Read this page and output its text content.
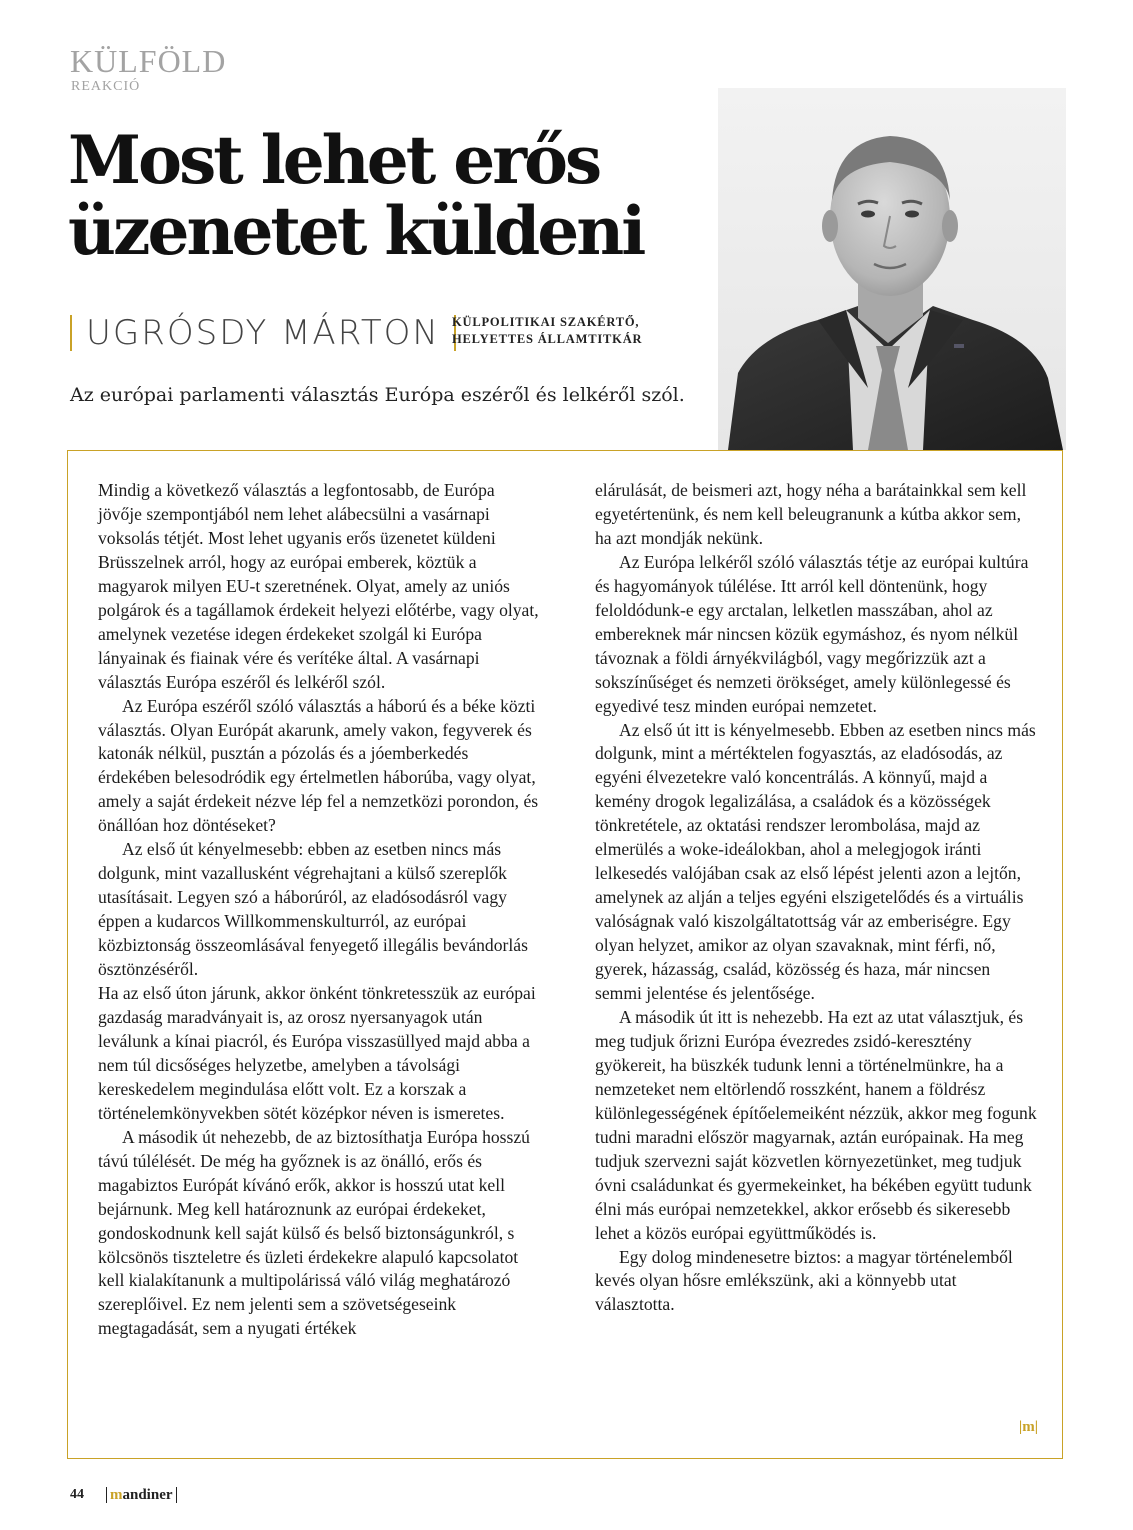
KÜLFÖLD
REAKCIÓ
Most lehet erős
üzenetet küldeni
UGRÓSDY MÁRTON KÜLPOLITIKAI SZAKÉRTŐ,
HELYETTES ÁLLAMTITKÁR
Az európai parlamenti választás Európa eszéről és lelkéről szól.

Mindig a következő választás a legfontosabb, de Európa jövője szempontjából nem lehet alábecsülni a vasárnapi voksolás tétjét. Most lehet ugyanis erős üzenetet küldeni Brüsszelnek arról, hogy az európai emberek, köztük a magyarok milyen EU-t szeretnének. Olyat, amely az uniós polgárok és a tagállamok érdekeit helyezi előtérbe, vagy olyat, amelynek vezetése idegen érdekeket szolgál ki Európa lányainak és fiainak vére és verítéke által. A vasárnapi választás Európa eszéről és lelkéről szól.

Az Európa eszéről szóló választás a háború és a béke közti választás. Olyan Európát akarunk, amely vakon, fegyverek és katonák nélkül, pusztán a pózolás és a jóemberkedés érdekében belesodródik egy értelmetlen háborúba, vagy olyat, amely a saját érdekeit nézve lép fel a nemzetközi porondon, és önállóan hoz döntéseket?

Az első út kényelmesebb: ebben az esetben nincs más dolgunk, mint vazallusként végrehajtani a külső szereplők utasításait. Legyen szó a háborúról, az eladósodásról vagy éppen a kudarcos Willkommenskulturról, az európai közbiztonság összeomlásával fenyegető illegális bevándorlás ösztönzéséről.

Ha az első úton járunk, akkor önként tönkretesszük az európai gazdaság maradványait is, az orosz nyersanyagok után leválunk a kínai piacról, és Európa visszasüllyed majd abba a nem túl dicsőséges helyzetbe, amelyben a távolsági kereskedelem megindulása előtt volt. Ez a korszak a történelemkönyvekben sötét középkor néven is ismeretes.

A második út nehezebb, de az biztosíthatja Európa hosszú távú túlélését. De még ha győznek is az önálló, erős és magabiztos Európát kívánó erők, akkor is hosszú utat kell bejárnunk. Meg kell határoznunk az európai érdekeket, gondoskodnunk kell saját külső és belső biztonságunkról, s kölcsönös tiszteletre és üzleti érdekekre alapuló kapcsolatot kell kialakítanunk a multipolárissá váló világ meghatározó szereplőivel. Ez nem jelenti sem a szövetségeseink megtagadását, sem a nyugati értékek

elárulását, de beismeri azt, hogy néha a barátainkkal sem kell egyetértenünk, és nem kell beleugranunk a kútba akkor sem, ha azt mondják nekünk.

Az Európa lelkéről szóló választás tétje az európai kultúra és hagyományok túlélése. Itt arról kell döntenünk, hogy feloldódunk-e egy arctalan, lelketlen masszában, ahol az embereknek már nincsen közük egymáshoz, és nyom nélkül távoznak a földi árnyékvilágból, vagy megőrizzük azt a sokszínűséget és nemzeti örökséget, amely különlegessé és egyedivé tesz minden európai nemzetet.

Az első út itt is kényelmesebb. Ebben az esetben nincs más dolgunk, mint a mértéktelen fogyasztás, az eladósodás, az egyéni élvezetekre való koncentrálás. A könnyű, majd a kemény drogok legalizálása, a családok és a közösségek tönkretétele, az oktatási rendszer lerombolása, majd az elmerülés a woke-ideálokban, ahol a melegjogok iránti lelkesedés valójában csak az első lépést jelenti azon a lejtőn, amelynek az alján a teljes egyéni elszigetelődés és a virtuális valóságnak való kiszolgáltatottság vár az emberiségre. Egy olyan helyzet, amikor az olyan szavaknak, mint férfi, nő, gyerek, házasság, család, közösség és haza, már nincsen semmi jelentése és jelentősége.

A második út itt is nehezebb. Ha ezt az utat választjuk, és meg tudjuk őrizni Európa évezredes zsidó-keresztény gyökereit, ha büszkék tudunk lenni a történelmünkre, ha a nemzeteket nem eltörlendő rosszként, hanem a földrész különlegességének építőelemeiként nézzük, akkor meg fogunk tudni maradni először magyarnak, aztán európainak. Ha meg tudjuk szervezni saját közvetlen környezetünket, meg tudjuk óvni családunkat és gyermekeinket, ha békében együtt tudunk élni más európai nemzetekkel, akkor erősebb és sikeresebb lehet a közös európai együttműködés is.

Egy dolog mindenesetre biztos: a magyar történelemből kevés olyan hősre emlékszünk, aki a könnyebb utat választotta.

|m|
44 mandiner
